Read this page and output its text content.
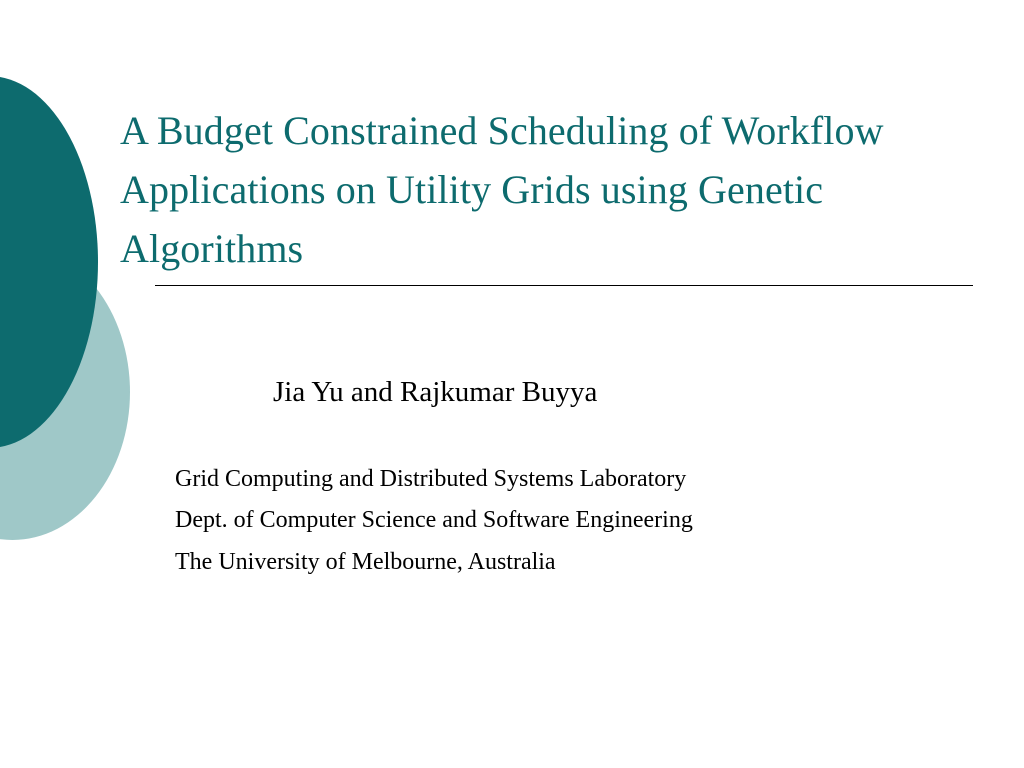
A Budget Constrained Scheduling of Workflow Applications on Utility Grids using Genetic Algorithms
Jia Yu and Rajkumar Buyya
Grid Computing and Distributed Systems Laboratory
Dept. of Computer Science and Software Engineering
The University of Melbourne, Australia
